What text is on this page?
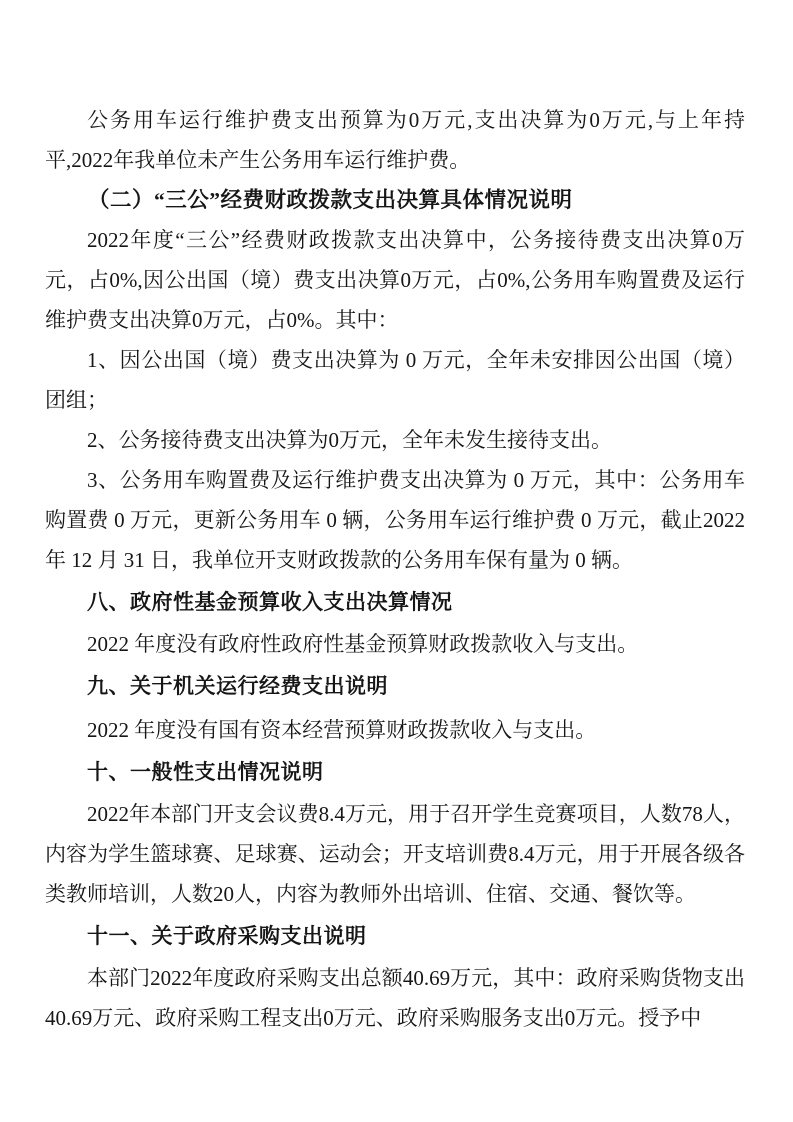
公务用车运行维护费支出预算为0万元,支出决算为0万元,与上年持平,2022年我单位未产生公务用车运行维护费。

（二）“三公”经费财政拨款支出决算具体情况说明

2022年度“三公”经费财政拨款支出决算中，公务接待费支出决算0万元，占0%,因公出国（境）费支出决算0万元，占0%,公务用车购置费及运行维护费支出决算0万元，占0%。其中：

1、因公出国（境）费支出决算为 0 万元，全年未安排因公出国（境）团组；

2、公务接待费支出决算为0万元，全年未发生接待支出。

3、公务用车购置费及运行维护费支出决算为 0 万元，其中：公务用车购置费 0 万元，更新公务用车 0 辆，公务用车运行维护费 0 万元，截止2022年 12 月 31 日，我单位开支财政拨款的公务用车保有量为 0 辆。

八、政府性基金预算收入支出决算情况

2022 年度没有政府性政府性基金预算财政拨款收入与支出。

九、关于机关运行经费支出说明

2022 年度没有国有资本经营预算财政拨款收入与支出。

十、一般性支出情况说明

2022年本部门开支会议费8.4万元，用于召开学生竞赛项目，人数78人，内容为学生篮球赛、足球赛、运动会；开支培训费8.4万元，用于开展各级各类教师培训，人数20人，内容为教师外出培训、住宿、交通、餐饮等。

十一、关于政府采购支出说明

本部门2022年度政府采购支出总额40.69万元，其中：政府采购货物支出40.69万元、政府采购工程支出0万元、政府采购服务支出0万元。授予中
